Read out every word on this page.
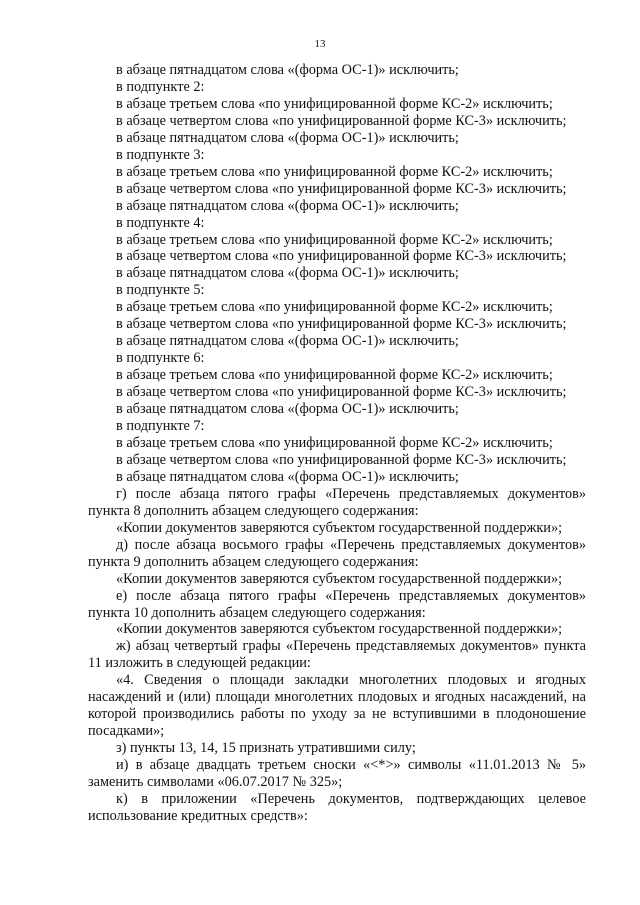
13

в абзаце пятнадцатом слова «(форма ОС-1)» исключить;

в подпункте 2:

в абзаце третьем слова «по унифицированной форме КС-2» исключить;

в абзаце четвертом слова «по унифицированной форме КС-3» исключить;

в абзаце пятнадцатом слова «(форма ОС-1)» исключить;

в подпункте 3:

в абзаце третьем слова «по унифицированной форме КС-2» исключить;

в абзаце четвертом слова «по унифицированной форме КС-3» исключить;

в абзаце пятнадцатом слова «(форма ОС-1)» исключить;

в подпункте 4:

в абзаце третьем слова «по унифицированной форме КС-2» исключить;

в абзаце четвертом слова «по унифицированной форме КС-3» исключить;

в абзаце пятнадцатом слова «(форма ОС-1)» исключить;

в подпункте 5:

в абзаце третьем слова «по унифицированной форме КС-2» исключить;

в абзаце четвертом слова «по унифицированной форме КС-3» исключить;

в абзаце пятнадцатом слова «(форма ОС-1)» исключить;

в подпункте 6:

в абзаце третьем слова «по унифицированной форме КС-2» исключить;

в абзаце четвертом слова «по унифицированной форме КС-3» исключить;

в абзаце пятнадцатом слова «(форма ОС-1)» исключить;

в подпункте 7:

в абзаце третьем слова «по унифицированной форме КС-2» исключить;

в абзаце четвертом слова «по унифицированной форме КС-3» исключить;

в абзаце пятнадцатом слова «(форма ОС-1)» исключить;

г) после абзаца пятого графы «Перечень представляемых документов» пункта 8 дополнить абзацем следующего содержания:

«Копии документов заверяются субъектом государственной поддержки»;

д) после абзаца восьмого графы «Перечень представляемых документов» пункта 9 дополнить абзацем следующего содержания:

«Копии документов заверяются субъектом государственной поддержки»;

е) после абзаца пятого графы «Перечень представляемых документов» пункта 10 дополнить абзацем следующего содержания:

«Копии документов заверяются субъектом государственной поддержки»;

ж) абзац четвертый графы «Перечень представляемых документов» пункта 11 изложить в следующей редакции:

«4. Сведения о площади закладки многолетних плодовых и ягодных насаждений и (или) площади многолетних плодовых и ягодных насаждений, на которой производились работы по уходу за не вступившими в плодоношение посадками»;

з) пункты 13, 14, 15 признать утратившими силу;

и) в абзаце двадцать третьем сноски «<*>» символы «11.01.2013 № 5» заменить символами «06.07.2017 № 325»;

к) в приложении «Перечень документов, подтверждающих целевое использование кредитных средств»:
